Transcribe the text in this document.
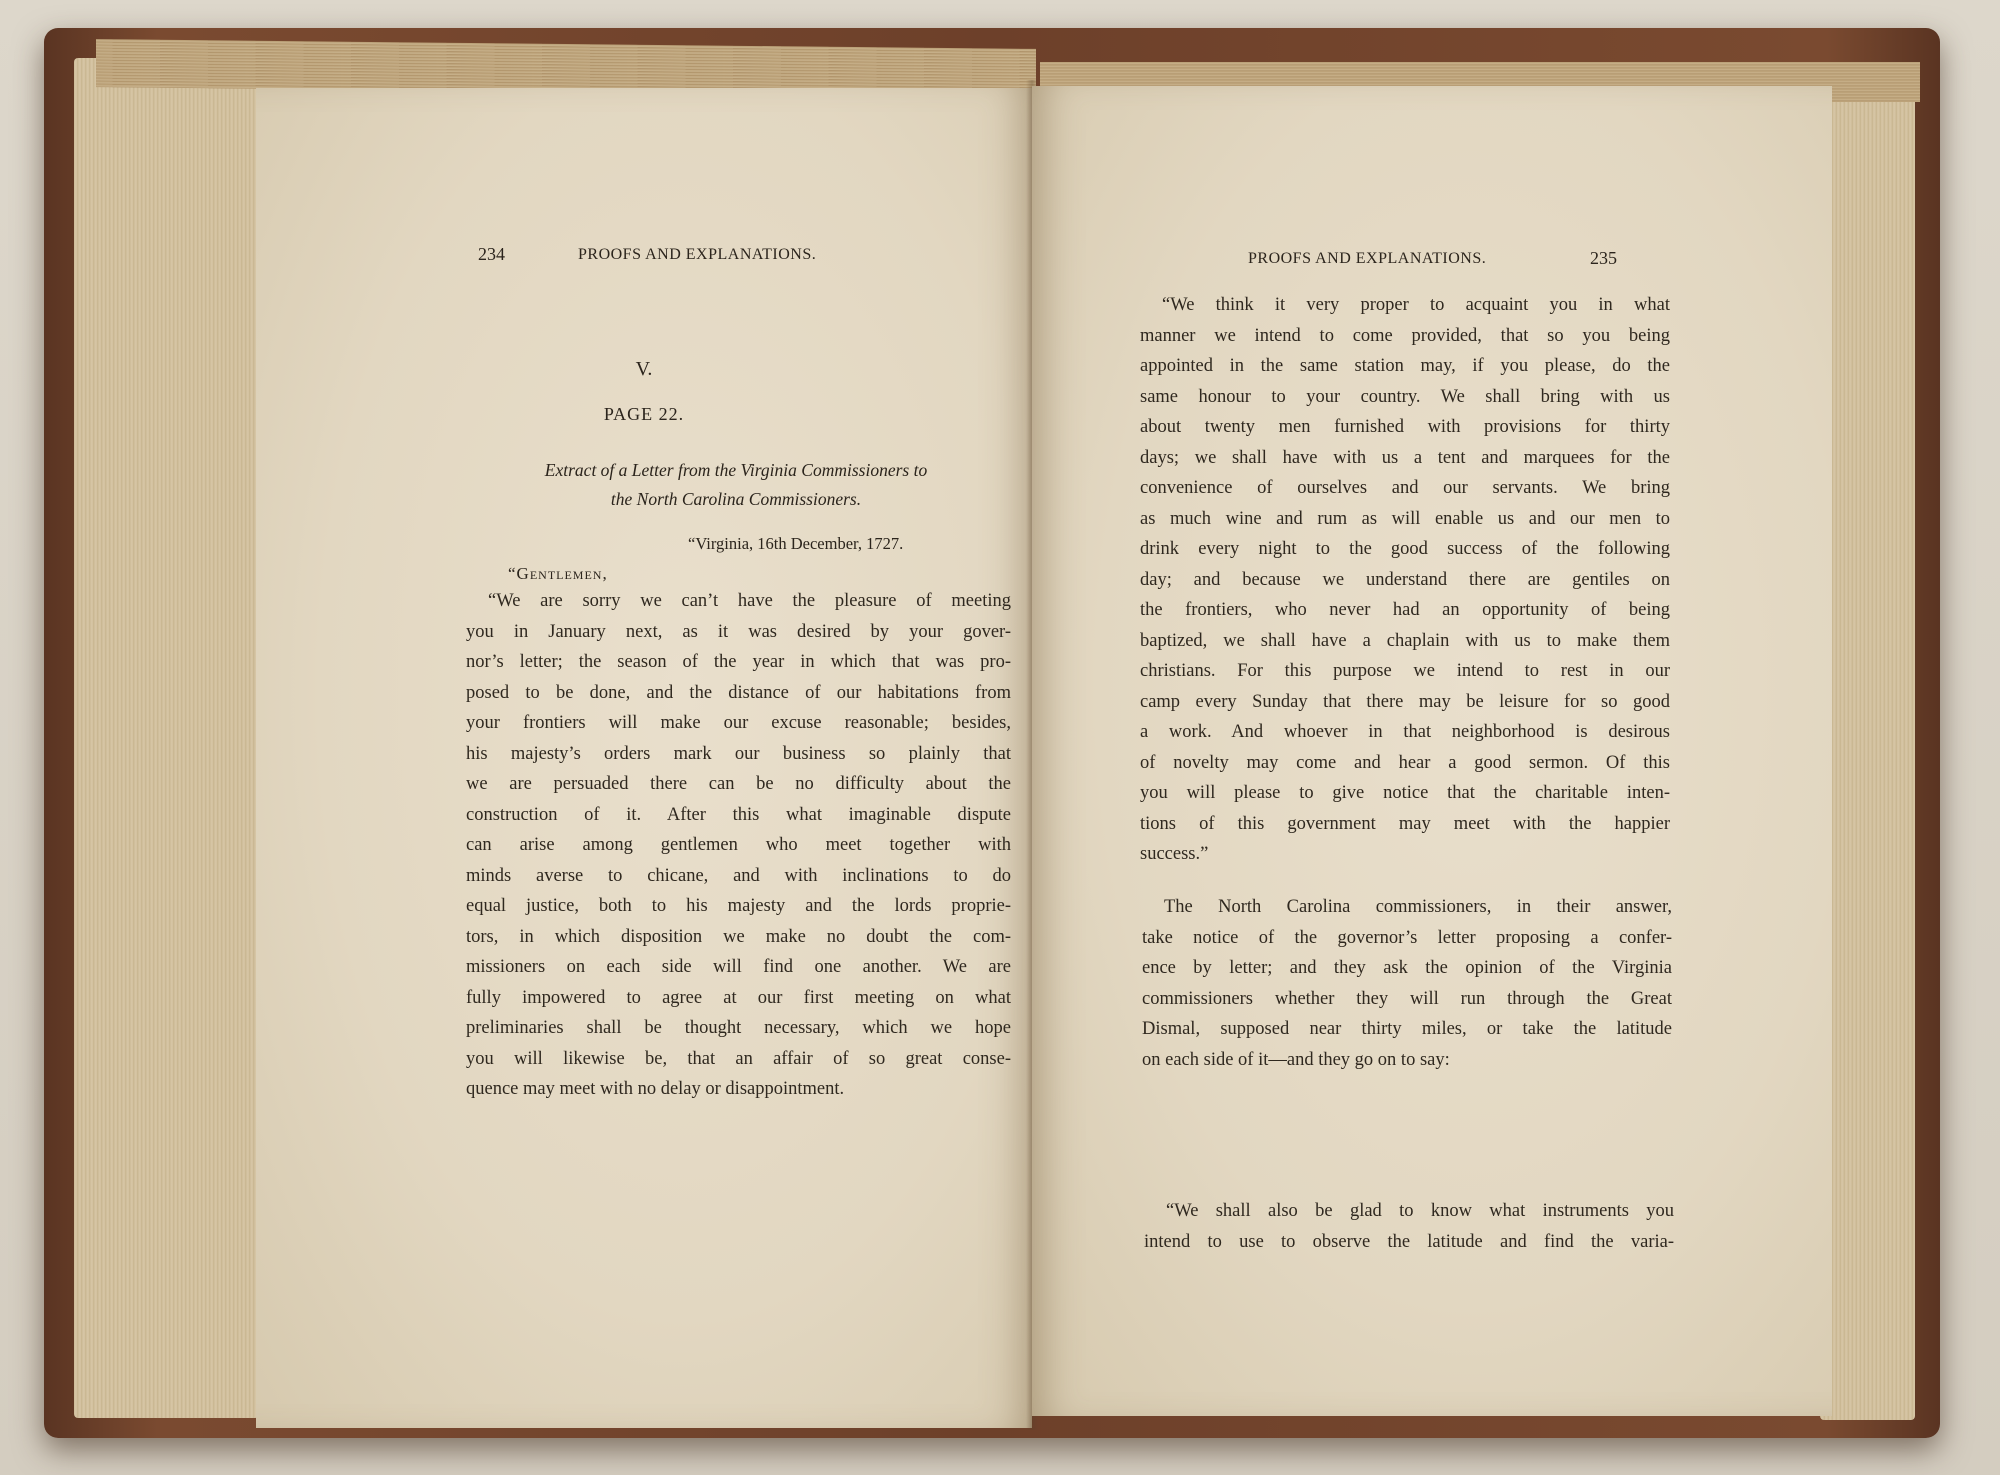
234	PROOFS AND EXPLANATIONS.
V.
PAGE 22.
Extract of a Letter from the Virginia Commissioners to
the North Carolina Commissioners.
“Virginia, 16th December, 1727.
“Gentlemen,
“We are sorry we can’t have the pleasure of meeting
you in January next, as it was desired by your gover-
nor’s letter; the season of the year in which that was pro-
posed to be done, and the distance of our habitations from
your frontiers will make our excuse reasonable; besides,
his majesty’s orders mark our business so plainly that
we are persuaded there can be no difficulty about the
construction of it. After this what imaginable dispute
can arise among gentlemen who meet together with
minds averse to chicane, and with inclinations to do
equal justice, both to his majesty and the lords proprie-
tors, in which disposition we make no doubt the com-
missioners on each side will find one another. We are
fully impowered to agree at our first meeting on what
preliminaries shall be thought necessary, which we hope
you will likewise be, that an affair of so great conse-
quence may meet with no delay or disappointment.
PROOFS AND EXPLANATIONS.	235
“We think it very proper to acquaint you in what
manner we intend to come provided, that so you being
appointed in the same station may, if you please, do the
same honour to your country. We shall bring with us
about twenty men furnished with provisions for thirty
days; we shall have with us a tent and marquees for the
convenience of ourselves and our servants. We bring
as much wine and rum as will enable us and our men to
drink every night to the good success of the following
day; and because we understand there are gentiles on
the frontiers, who never had an opportunity of being
baptized, we shall have a chaplain with us to make them
christians. For this purpose we intend to rest in our
camp every Sunday that there may be leisure for so good
a work. And whoever in that neighborhood is desirous
of novelty may come and hear a good sermon. Of this
you will please to give notice that the charitable inten-
tions of this government may meet with the happier
success.”
The North Carolina commissioners, in their answer,
take notice of the governor’s letter proposing a confer-
ence by letter; and they ask the opinion of the Virginia
commissioners whether they will run through the Great
Dismal, supposed near thirty miles, or take the latitude
on each side of it—and they go on to say:
“We shall also be glad to know what instruments you
intend to use to observe the latitude and find the varia-
